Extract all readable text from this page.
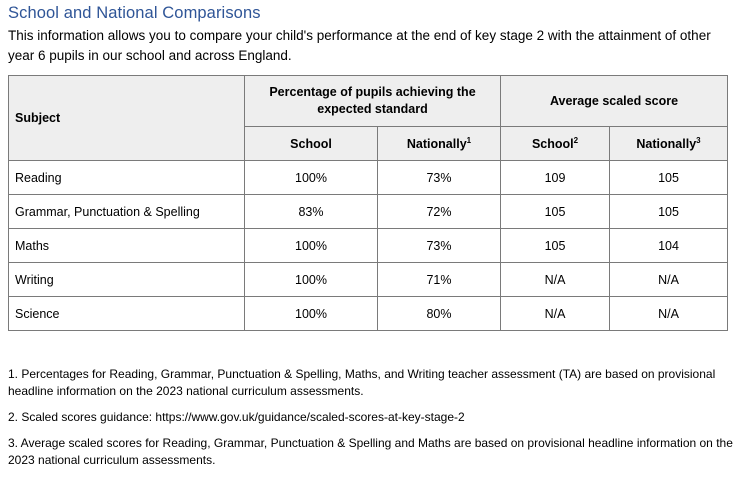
School and National Comparisons
This information allows you to compare your child's performance at the end of key stage 2 with the attainment of other year 6 pupils in our school and across England.
Subject	Percentage of pupils achieving the expected standard		Average scaled score	
	School	Nationally$^1$	School$^2$	Nationally$^3$
Reading	100%	73%	109	105
Grammar, Punctuation & Spelling	83%	72%	105	105
Maths	100%	73%	105	104
Writing	100%	71%	N/A	N/A
Science	100%	80%	N/A	N/A

1. Percentages for Reading, Grammar, Punctuation & Spelling, Maths, and Writing teacher assessment (TA) are based on provisional headline information on the 2023 national curriculum assessments.

2. Scaled scores guidance: https://www.gov.uk/guidance/scaled-scores-at-key-stage-2

3. Average scaled scores for Reading, Grammar, Punctuation & Spelling and Maths are based on provisional headline information on the 2023 national curriculum assessments.
